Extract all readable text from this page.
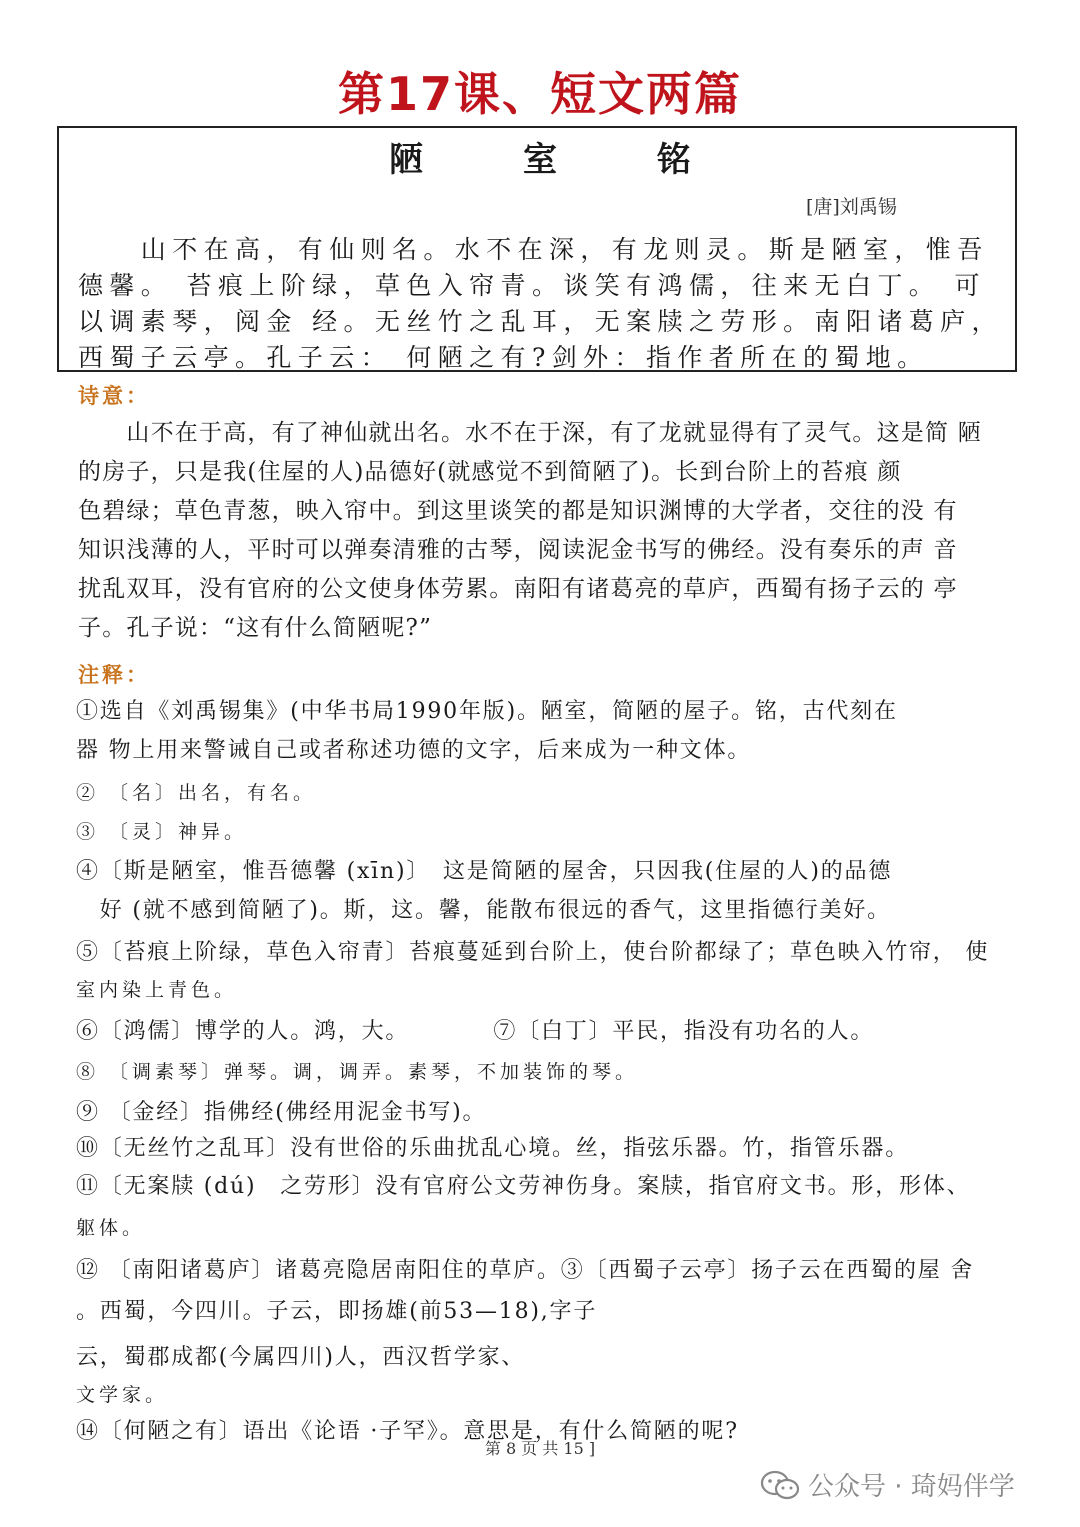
第17课、短文两篇
陋 室 铭
[唐]刘禹锡
　　山不在高，有仙则名。水不在深，有龙则灵。斯是陋室，惟吾
德馨。 苔痕上阶绿，草色入帘青。谈笑有鸿儒，往来无白丁。 可
以调素琴，阅金 经。无丝竹之乱耳，无案牍之劳形。南阳诸葛庐，
西蜀子云亭。孔子云： 何陋之有?剑外：指作者所在的蜀地。
诗意：
　　山不在于高，有了神仙就出名。水不在于深，有了龙就显得有了灵气。这是简 陋
的房子，只是我(住屋的人)品德好(就感觉不到简陋了)。长到台阶上的苔痕 颜
色碧绿；草色青葱，映入帘中。到这里谈笑的都是知识渊博的大学者，交往的没 有
知识浅薄的人，平时可以弹奏清雅的古琴，阅读泥金书写的佛经。没有奏乐的声 音
扰乱双耳，没有官府的公文使身体劳累。南阳有诸葛亮的草庐，西蜀有扬子云的 亭
子。孔子说：“这有什么简陋呢?”
注释：
①选自《刘禹锡集》(中华书局1990年版)。陋室，简陋的屋子。铭，古代刻在
器 物上用来警诫自己或者称述功德的文字，后来成为一种文体。
② 〔名〕出名，有名。
③ 〔灵〕神异。
④〔斯是陋室，惟吾德馨 (xīn)〕　这是简陋的屋舍，只因我(住屋的人)的品德
　好 (就不感到简陋了)。斯，这。馨，能散布很远的香气，这里指德行美好。
⑤〔苔痕上阶绿，草色入帘青〕苔痕蔓延到台阶上，使台阶都绿了；草色映入竹帘， 使
室内染上青色。
⑥〔鸿儒〕博学的人。鸿，大。　　　　⑦〔白丁〕平民，指没有功名的人。
⑧ 〔调素琴〕弹琴。调，调弄。素琴，不加装饰的琴。
⑨ 〔金经〕指佛经(佛经用泥金书写)。
⑩〔无丝竹之乱耳〕没有世俗的乐曲扰乱心境。丝，指弦乐器。竹，指管乐器。
⑪〔无案牍 (dú)　之劳形〕没有官府公文劳神伤身。案牍，指官府文书。形，形体、
躯体。
⑫ 〔南阳诸葛庐〕诸葛亮隐居南阳住的草庐。③〔西蜀子云亭〕扬子云在西蜀的屋 舍
。西蜀，今四川。子云，即扬雄(前53—18),字子
云，蜀郡成都(今属四川)人，西汉哲学家、
文学家。
⑭〔何陋之有〕语出《论语 ·子罕》。意思是，有什么简陋的呢?
第 8 页 共 15 ]
公众号 · 琦妈伴学
